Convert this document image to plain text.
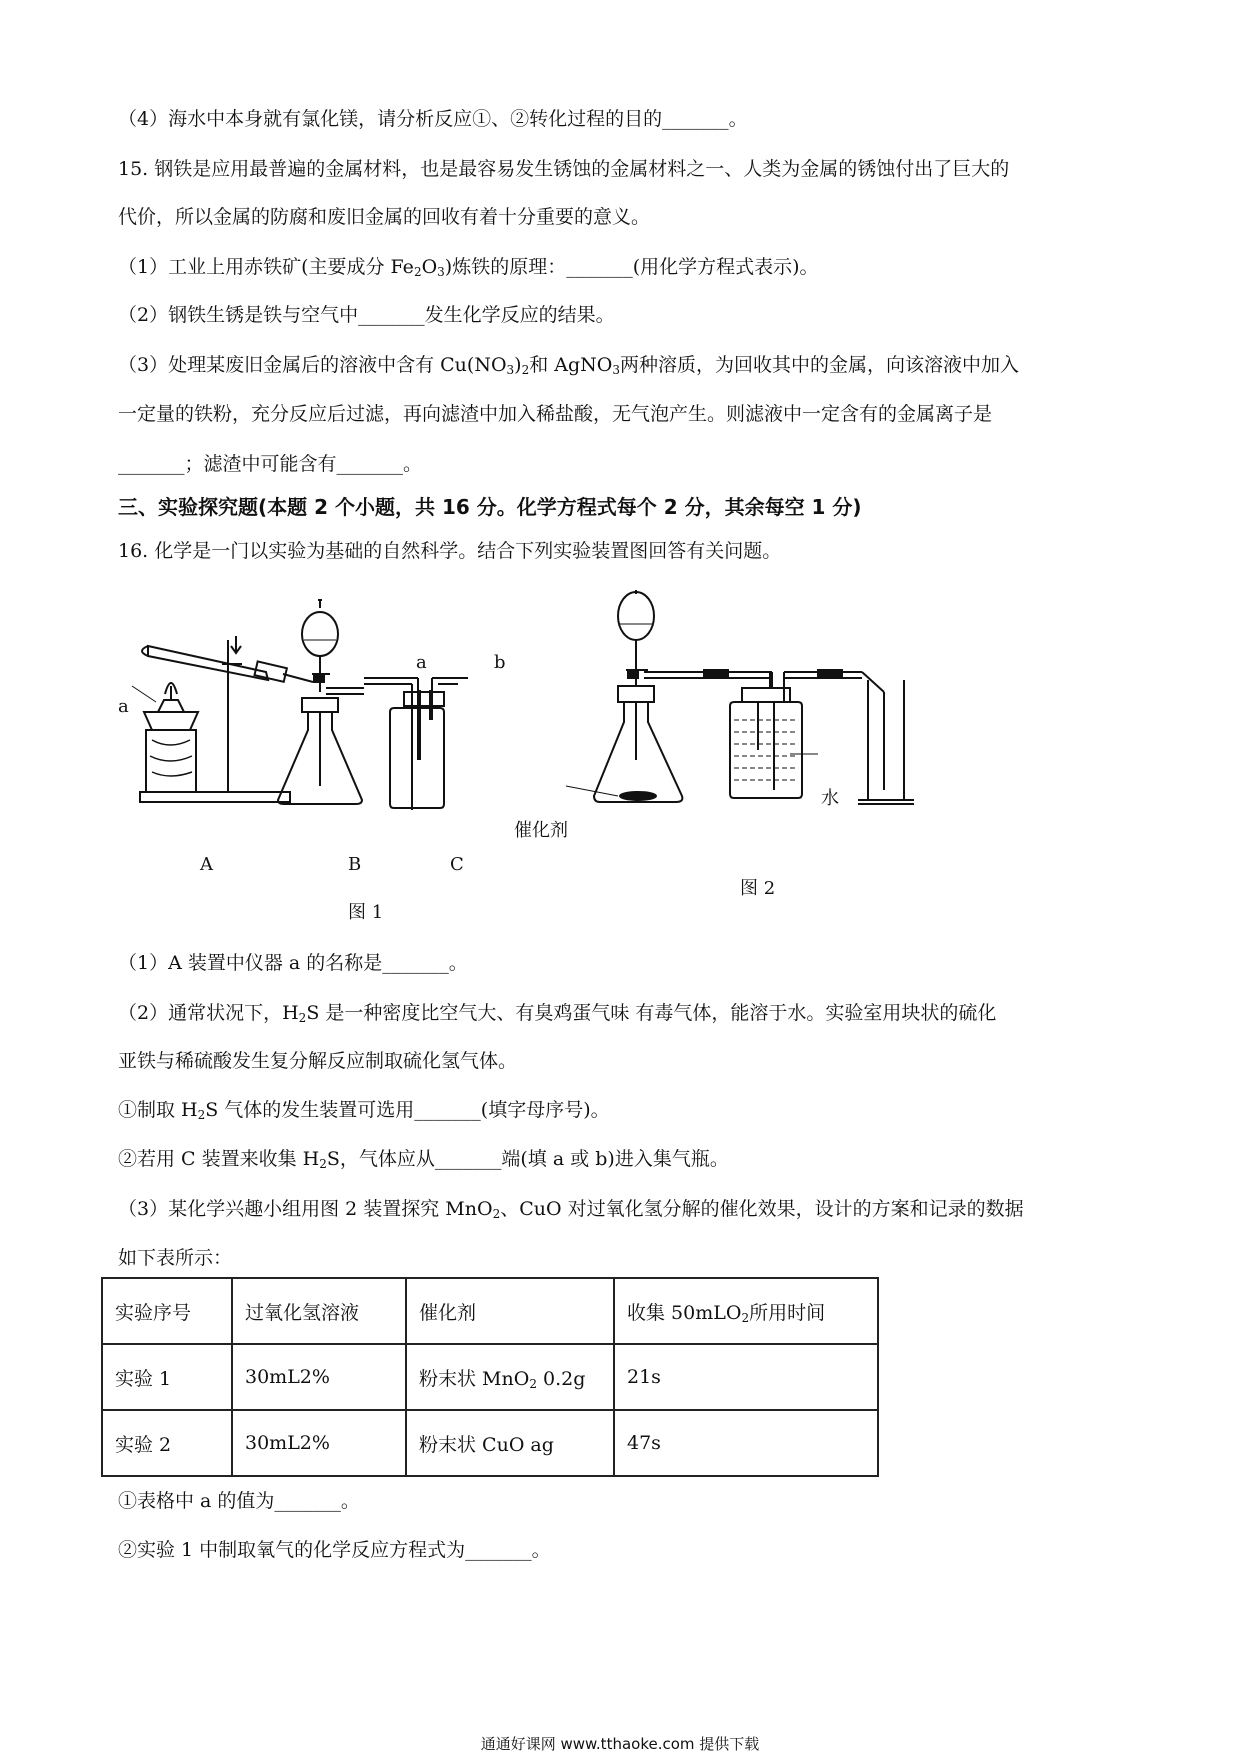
（4）海水中本身就有氯化镁，请分析反应①、②转化过程的目的_______。
15. 钢铁是应用最普遍的金属材料，也是最容易发生锈蚀的金属材料之一、人类为金属的锈蚀付出了巨大的
代价，所以金属的防腐和废旧金属的回收有着十分重要的意义。
（1）工业上用赤铁矿(主要成分 $Fe_2O_3$)炼铁的原理：_______(用化学方程式表示)。
（2）钢铁生锈是铁与空气中_______发生化学反应的结果。
（3）处理某废旧金属后的溶液中含有 $Cu(NO_3)_2$和 AgNO$_3$两种溶质，为回收其中的金属，向该溶液中加入
一定量的铁粉，充分反应后过滤，再向滤渣中加入稀盐酸，无气泡产生。则滤液中一定含有的金属离子是
_______；滤渣中可能含有_______。
三、实验探究题(本题 2 个小题，共 16 分。化学方程式每个 2 分，其余每空 1 分)
16. 化学是一门以实验为基础的自然科学。结合下列实验装置图回答有关问题。
a
A	B	C
a	b
图 1
图 2
催化剂
水
（1）A 装置中仪器 a 的名称是_______。
（2）通常状况下，$H_2S$ 是一种密度比空气大、有臭鸡蛋气味 有毒气体，能溶于水。实验室用块状的硫化
亚铁与稀硫酸发生复分解反应制取硫化氢气体。
①制取 $H_2S$ 气体的发生装置可选用_______(填字母序号)。
②若用 C 装置来收集 $H_2S$，气体应从_______端(填 a 或 b)进入集气瓶。
（3）某化学兴趣小组用图 2 装置探究 MnO$_2$、CuO 对过氧化氢分解的催化效果，设计的方案和记录的数据
如下表所示：
实验序号	过氧化氢溶液	催化剂	收集 50mLO$_2$所用时间
实验 1	30mL2%	粉末状 MnO$_2$ 0.2g	21s
实验 2	30mL2%	粉末状 CuO ag	47s
①表格中 a 的值为_______。
②实验 1 中制取氧气的化学反应方程式为_______。
通通好课网 www.tthaoke.com 提供下载
